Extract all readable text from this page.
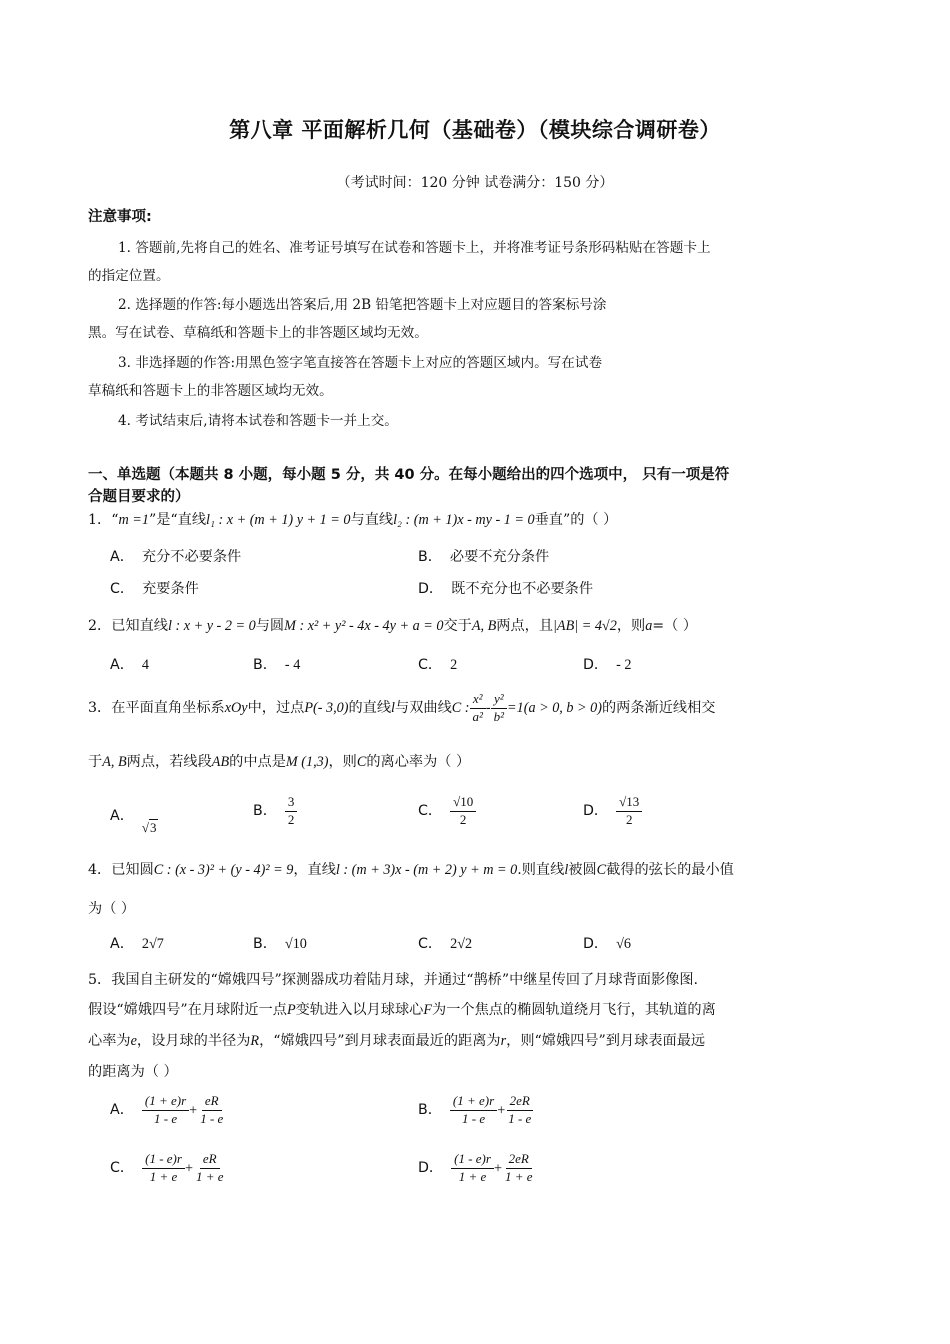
第八章 平面解析几何（基础卷）（模块综合调研卷）
（考试时间：120 分钟 试卷满分：150 分）
注意事项:
1. 答题前,先将自己的姓名、准考证号填写在试卷和答题卡上，并将准考证号条形码粘贴在答题卡上
的指定位置。
2. 选择题的作答:每小题选出答案后,用 2B 铅笔把答题卡上对应题目的答案标号涂
黑。写在试卷、草稿纸和答题卡上的非答题区域均无效。
3. 非选择题的作答:用黑色签字笔直接答在答题卡上对应的答题区域内。写在试卷
草稿纸和答题卡上的非答题区域均无效。
4. 考试结束后,请将本试卷和答题卡一并上交。
一、单选题（本题共 8 小题，每小题 5 分，共 40 分。在每小题给出的四个选项中， 只有一项是符
合题目要求的）
1．“m =1”是“直线l₁ : x + (m + 1) y + 1 = 0与直线l₂ : (m + 1)x - my - 1 = 0垂直”的（ ）
A． 充分不必要条件	B． 必要不充分条件
C． 充要条件	D． 既不充分也不必要条件
2．已知直线l : x + y - 2 = 0与圆M : x² + y² - 4x - 4y + a = 0交于A, B两点，且|AB| = 4√2，则a=（ ）
A． 4	B． - 4	C． 2	D． - 2
3．在平面直角坐标系xOy中，过点P(- 3,0)的直线l与双曲线C : $\frac{\text{x²}}{\text{a²}} - \frac{\text{y²}}{\text{b²}} =1(a > 0$, b > 0)的两条渐近线相交
于A, B两点，若线段AB的中点是M (1,3)，则C的离心率为（ ）
A．√3
B． $\frac{3}{2}$	C． $\frac{√10}{2}$	D． $\frac{√13}{2}$
4．已知圆C : (x - 3)² + (y - 4)² = 9，直线l : (m + 3)x - (m + 2) y + m = 0.则直线l被圆C截得的弦长的最小值
为（ ）
A． 2√7	B． √10	C． 2√2	D． √6
5．我国自主研发的“嫦娥四号”探测器成功着陆月球，并通过“鹊桥”中继星传回了月球背面影像图.
假设“嫦娥四号”在月球附近一点P变轨进入以月球球心F为一个焦点的椭圆轨道绕月飞行，其轨道的离
心率为e，设月球的半径为R，“嫦娥四号”到月球表面最近的距离为r，则“嫦娥四号”到月球表面最远
的距离为（ ）
A． $\frac{(1 + e)r}{1 - e} + \frac{eR}{1 - e}$	B． $\frac{(1 + e)r}{1 - e} + \frac{2eR}{1 - e}$
C． $\frac{(1 - e)r}{1 + e} + \frac{eR}{1 + e}$	D． $\frac{(1 - e)r}{1 + e} + \frac{2eR}{1 + e}$
